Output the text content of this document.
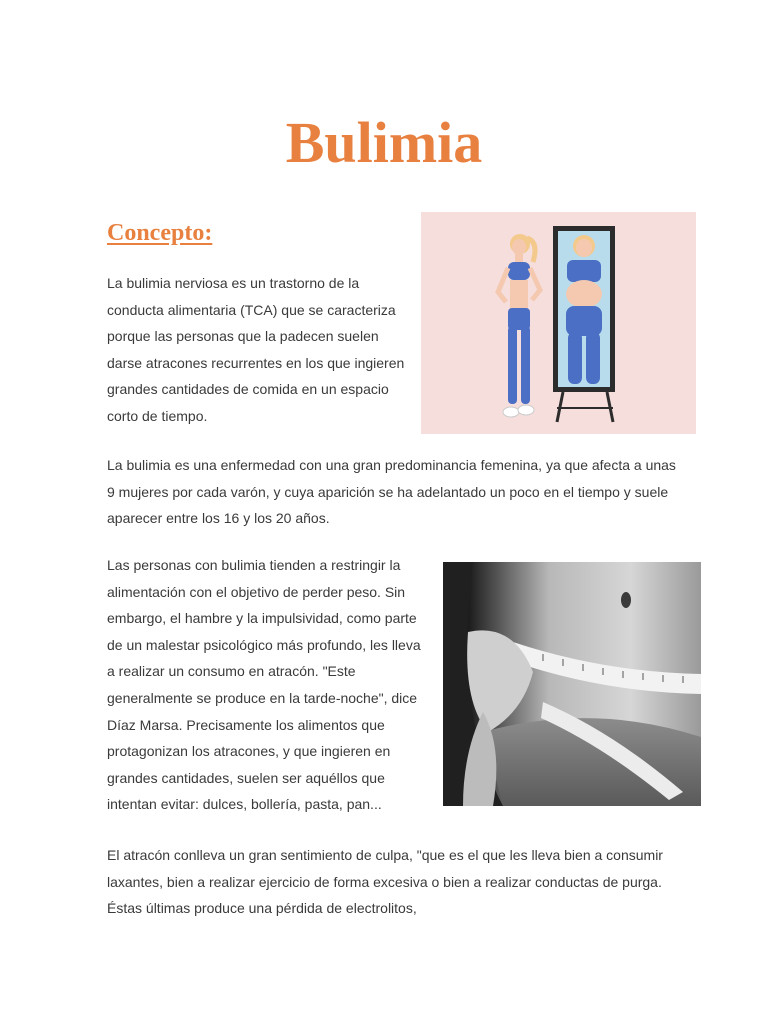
Bulimia
Concepto:

La bulimia nerviosa es un trastorno de la conducta alimentaria (TCA) que se caracteriza porque las personas que la padecen suelen darse atracones recurrentes en los que ingieren grandes cantidades de comida en un espacio corto de tiempo.

La bulimia es una enfermedad con una gran predominancia femenina, ya que afecta a unas 9 mujeres por cada varón, y cuya aparición se ha adelantado un poco en el tiempo y suele aparecer entre los 16 y los 20 años.

Las personas con bulimia tienden a restringir la alimentación con el objetivo de perder peso. Sin embargo, el hambre y la impulsividad, como parte de un malestar psicológico más profundo, les lleva a realizar un consumo en atracón. "Este generalmente se produce en la tarde-noche", dice Díaz Marsa. Precisamente los alimentos que protagonizan los atracones, y que ingieren en grandes cantidades, suelen ser aquéllos que intentan evitar: dulces, bollería, pasta, pan...

El atracón conlleva un gran sentimiento de culpa, "que es el que les lleva bien a consumir laxantes, bien a realizar ejercicio de forma excesiva o bien a realizar conductas de purga. Éstas últimas produce una pérdida de electrolitos,
